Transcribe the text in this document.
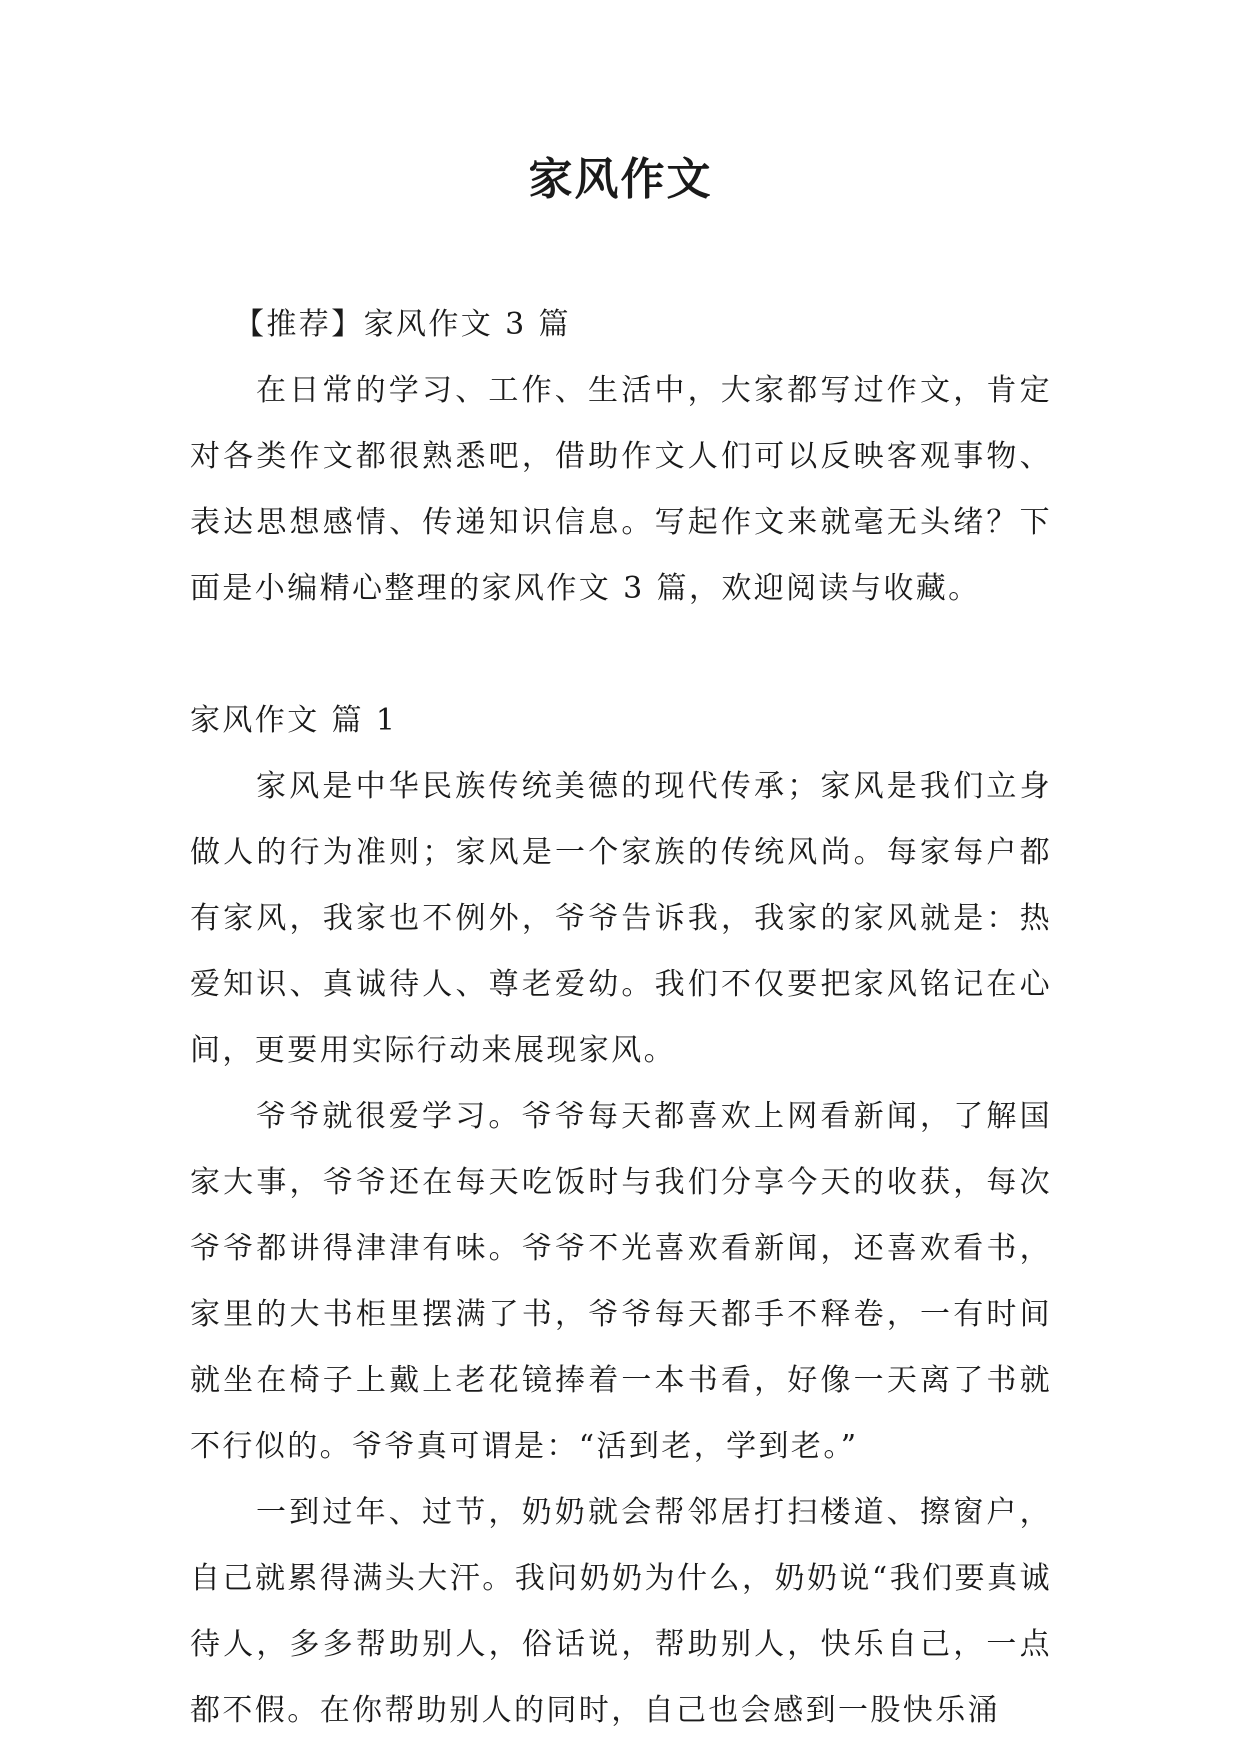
家风作文

【推荐】家风作文 3 篇

在日常的学习、工作、生活中，大家都写过作文，肯定对各类作文都很熟悉吧，借助作文人们可以反映客观事物、表达思想感情、传递知识信息。写起作文来就毫无头绪？下面是小编精心整理的家风作文 3 篇，欢迎阅读与收藏。

家风作文 篇 1

家风是中华民族传统美德的现代传承；家风是我们立身做人的行为准则；家风是一个家族的传统风尚。每家每户都有家风，我家也不例外，爷爷告诉我，我家的家风就是：热爱知识、真诚待人、尊老爱幼。我们不仅要把家风铭记在心间，更要用实际行动来展现家风。

爷爷就很爱学习。爷爷每天都喜欢上网看新闻，了解国家大事，爷爷还在每天吃饭时与我们分享今天的收获，每次爷爷都讲得津津有味。爷爷不光喜欢看新闻，还喜欢看书，家里的大书柜里摆满了书，爷爷每天都手不释卷，一有时间就坐在椅子上戴上老花镜捧着一本书看，好像一天离了书就不行似的。爷爷真可谓是：“活到老，学到老。”

一到过年、过节，奶奶就会帮邻居打扫楼道、擦窗户，自己就累得满头大汗。我问奶奶为什么，奶奶说“我们要真诚待人，多多帮助别人，俗话说，帮助别人，快乐自己，一点都不假。在你帮助别人的同时，自己也会感到一股快乐涌
